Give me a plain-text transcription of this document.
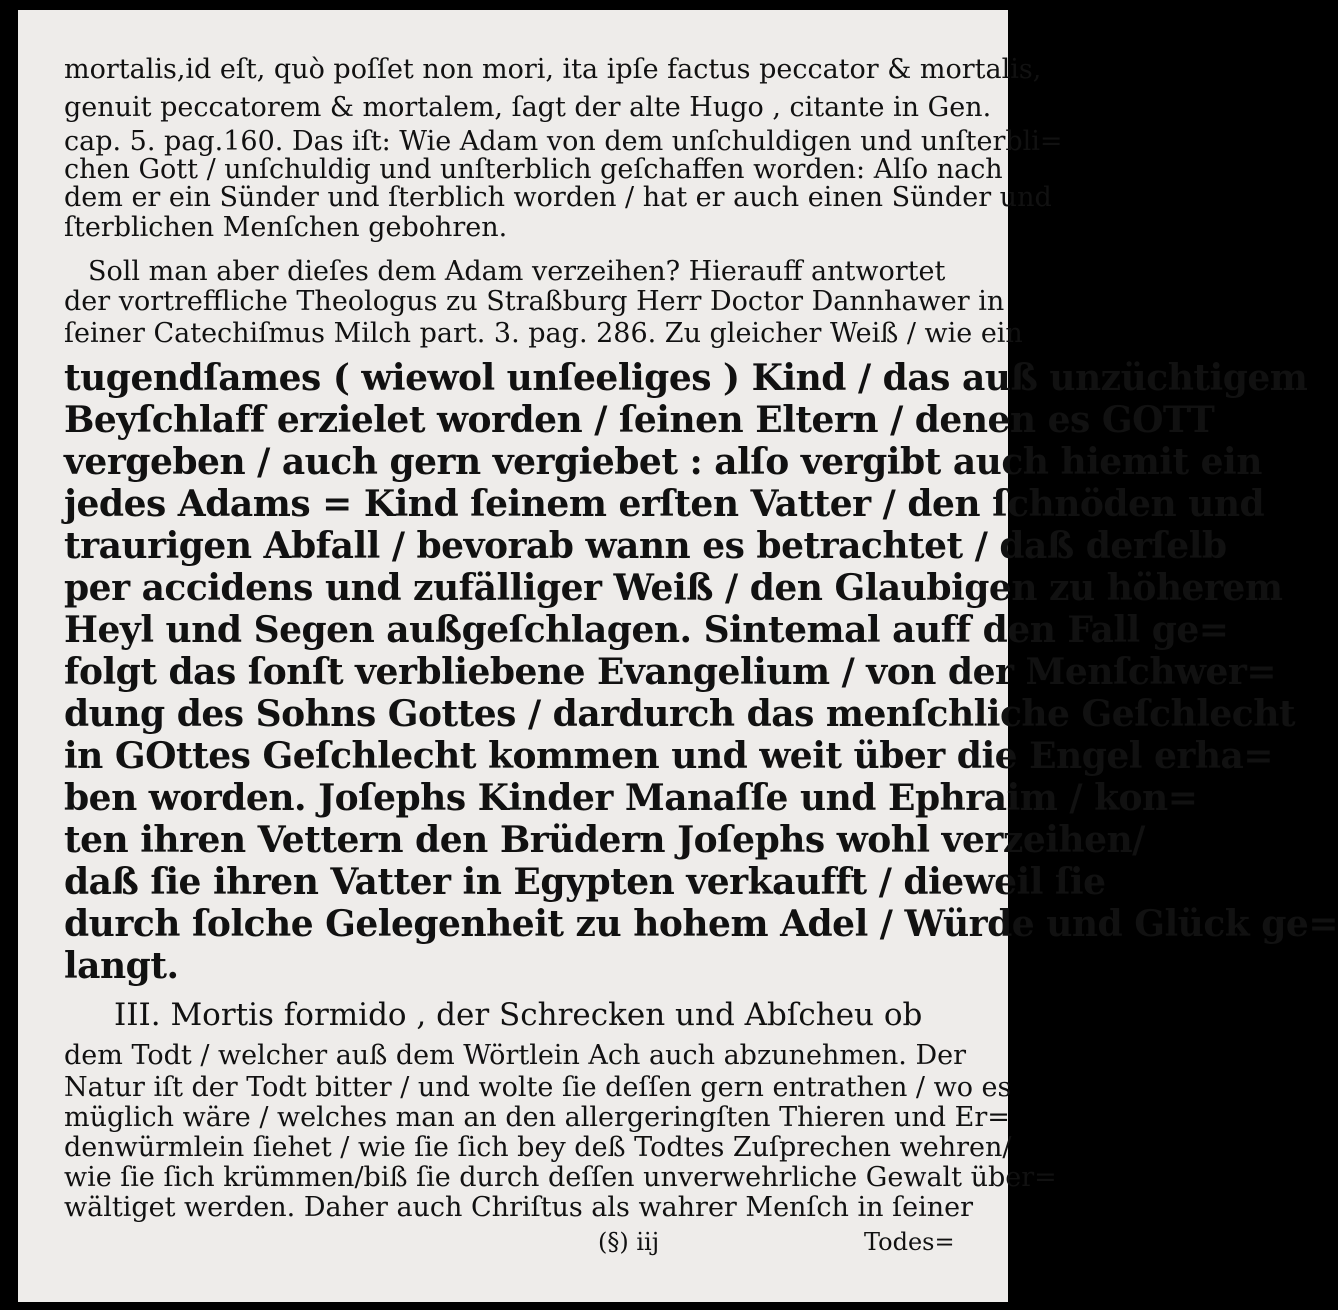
mortalis,id eſt, quò poſſet non mori, ita ipſe factus peccator & mortalis,
genuit peccatorem & mortalem, ſagt der alte Hugo , citante in Gen.
cap. 5. pag.160. Das iſt: Wie Adam von dem unſchuldigen und unſterbli=
chen Gott / unſchuldig und unſterblich geſchaffen worden: Alſo nach
dem er ein Sünder und ſterblich worden / hat er auch einen Sünder und
ſterblichen Menſchen gebohren.
Soll man aber dieſes dem Adam verzeihen? Hierauff antwortet
der vortreffliche Theologus zu Straßburg Herr Doctor Dannhawer in
ſeiner Catechiſmus Milch part. 3. pag. 286. Zu gleicher Weiß / wie ein
tugendſames ( wiewol unſeeliges ) Kind / das auß unzüchtigem
Beyſchlaff erzielet worden / ſeinen Eltern / denen es GOTT
vergeben / auch gern vergiebet : alſo vergibt auch hiemit ein
jedes Adams = Kind ſeinem erſten Vatter / den ſchnöden und
traurigen Abfall / bevorab wann es betrachtet / daß derſelb
per accidens und zufälliger Weiß / den Glaubigen zu höherem
Heyl und Segen außgeſchlagen. Sintemal auff den Fall ge=
folgt das ſonſt verbliebene Evangelium / von der Menſchwer=
dung des Sohns Gottes / dardurch das menſchliche Geſchlecht
in GOttes Geſchlecht kommen und weit über die Engel erha=
ben worden. Joſephs Kinder Manaſſe und Ephraim / kon=
ten ihren Vettern den Brüdern Joſephs wohl verzeihen/
daß ſie ihren Vatter in Egypten verkaufft / dieweil ſie
durch ſolche Gelegenheit zu hohem Adel / Würde und Glück ge=
langt.
III. Mortis formido , der Schrecken und Abſcheu ob
dem Todt / welcher auß dem Wörtlein Ach auch abzunehmen. Der
Natur iſt der Todt bitter / und wolte ſie deſſen gern entrathen / wo es
müglich wäre / welches man an den allergeringſten Thieren und Er=
denwürmlein ſiehet / wie ſie ſich bey deß Todtes Zuſprechen wehren/
wie ſie ſich krümmen/biß ſie durch deſſen unverwehrliche Gewalt über=
wältiget werden. Daher auch Chriſtus als wahrer Menſch in ſeiner
(§) iij	Todes=
